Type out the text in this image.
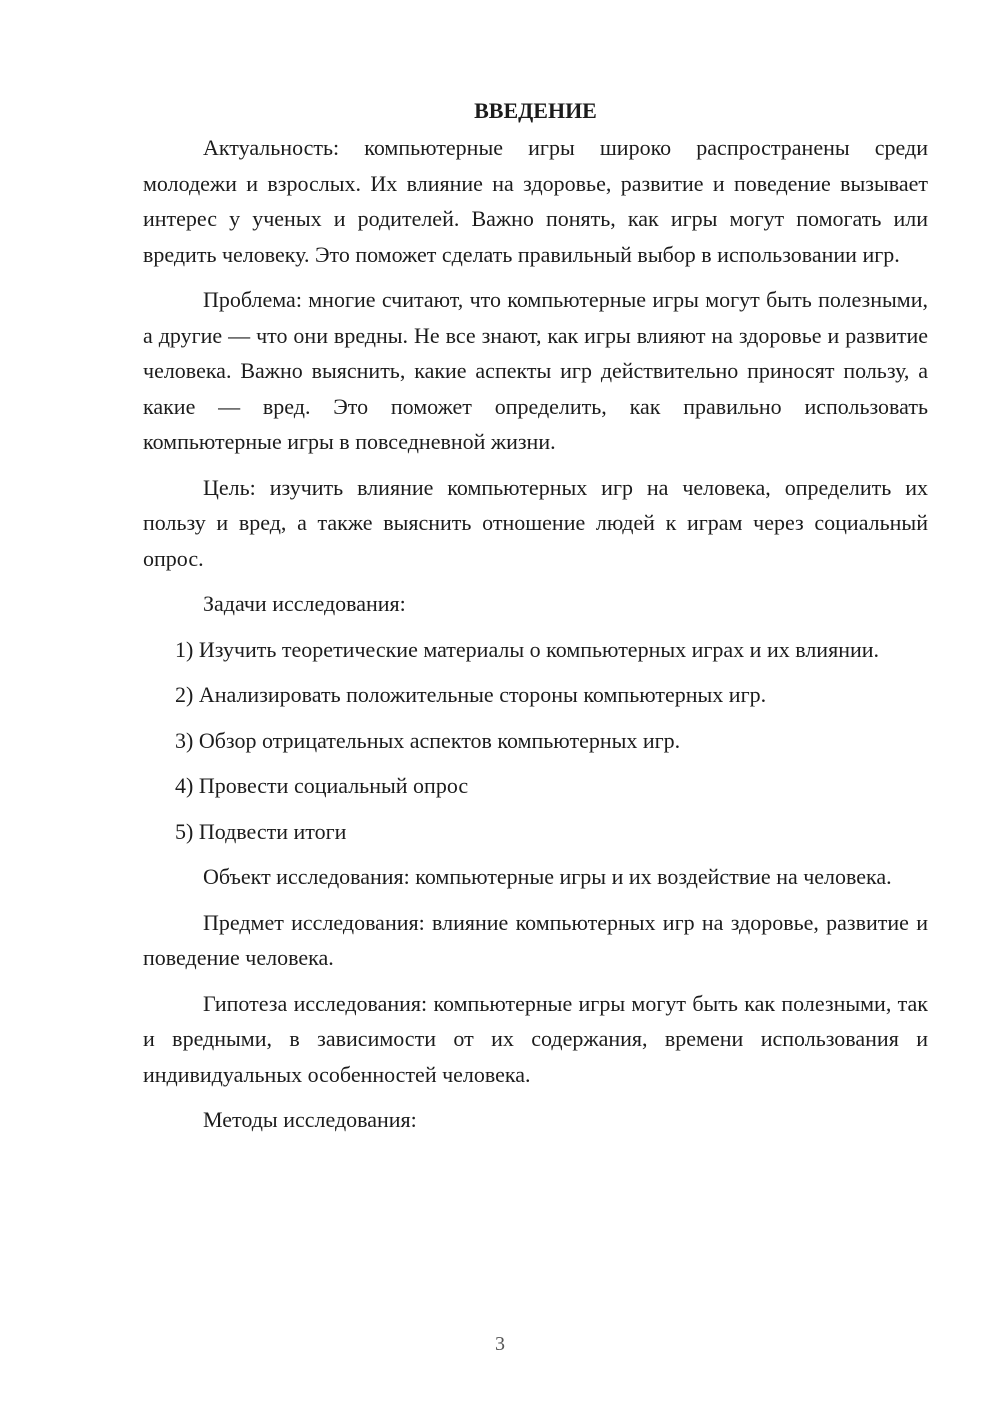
ВВЕДЕНИЕ

Актуальность: компьютерные игры широко распространены среди молодежи и взрослых. Их влияние на здоровье, развитие и поведение вызывает интерес у ученых и родителей. Важно понять, как игры могут помогать или вредить человеку. Это поможет сделать правильный выбор в использовании игр.

Проблема: многие считают, что компьютерные игры могут быть полезными, а другие — что они вредны. Не все знают, как игры влияют на здоровье и развитие человека. Важно выяснить, какие аспекты игр действительно приносят пользу, а какие — вред. Это поможет определить, как правильно использовать компьютерные игры в повседневной жизни.

Цель: изучить влияние компьютерных игр на человека, определить их пользу и вред, а также выяснить отношение людей к играм через социальный опрос.

Задачи исследования:

1) Изучить теоретические материалы о компьютерных играх и их влиянии.

2) Анализировать положительные стороны компьютерных игр.

3) Обзор отрицательных аспектов компьютерных игр.

4) Провести социальный опрос

5) Подвести итоги

Объект исследования: компьютерные игры и их воздействие на человека.

Предмет исследования: влияние компьютерных игр на здоровье, развитие и поведение человека.

Гипотеза исследования: компьютерные игры могут быть как полезными, так и вредными, в зависимости от их содержания, времени использования и индивидуальных особенностей человека.

Методы исследования:

3
